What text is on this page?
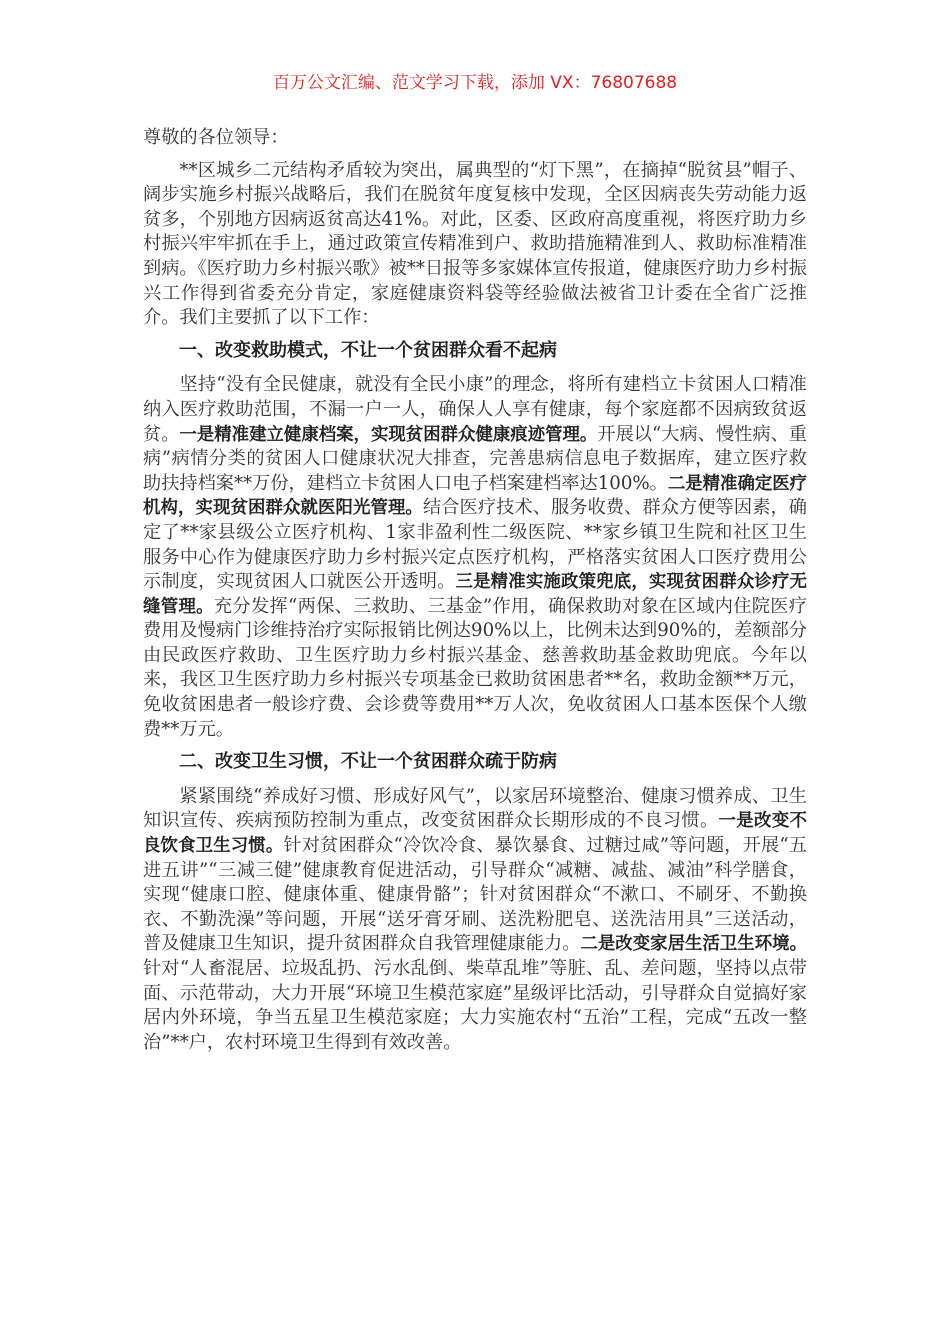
百万公文汇编、范文学习下载，添加 VX：76807688

尊敬的各位领导：

**区城乡二元结构矛盾较为突出，属典型的“灯下黑”，在摘掉“脱贫县”帽子、阔步实施乡村振兴战略后，我们在脱贫年度复核中发现，全区因病丧失劳动能力返贫多，个别地方因病返贫高达41%。对此，区委、区政府高度重视，将医疗助力乡村振兴牢牢抓在手上，通过政策宣传精准到户、救助措施精准到人、救助标准精准到病。《医疗助力乡村振兴歌》被**日报等多家媒体宣传报道，健康医疗助力乡村振兴工作得到省委充分肯定，家庭健康资料袋等经验做法被省卫计委在全省广泛推介。我们主要抓了以下工作：

一、改变救助模式，不让一个贫困群众看不起病

坚持“没有全民健康，就没有全民小康”的理念，将所有建档立卡贫困人口精准纳入医疗救助范围，不漏一户一人，确保人人享有健康，每个家庭都不因病致贫返贫。一是精准建立健康档案，实现贫困群众健康痕迹管理。开展以“大病、慢性病、重病”病情分类的贫困人口健康状况大排查，完善患病信息电子数据库，建立医疗救助扶持档案**万份，建档立卡贫困人口电子档案建档率达100%。二是精准确定医疗机构，实现贫困群众就医阳光管理。结合医疗技术、服务收费、群众方便等因素，确定了**家县级公立医疗机构、1家非盈利性二级医院、**家乡镇卫生院和社区卫生服务中心作为健康医疗助力乡村振兴定点医疗机构，严格落实贫困人口医疗费用公示制度，实现贫困人口就医公开透明。三是精准实施政策兜底，实现贫困群众诊疗无缝管理。充分发挥“两保、三救助、三基金”作用，确保救助对象在区域内住院医疗费用及慢病门诊维持治疗实际报销比例达90%以上，比例未达到90%的，差额部分由民政医疗救助、卫生医疗助力乡村振兴基金、慈善救助基金救助兜底。今年以来，我区卫生医疗助力乡村振兴专项基金已救助贫困患者**名，救助金额**万元，免收贫困患者一般诊疗费、会诊费等费用**万人次，免收贫困人口基本医保个人缴费**万元。

二、改变卫生习惯，不让一个贫困群众疏于防病

紧紧围绕“养成好习惯、形成好风气”，以家居环境整治、健康习惯养成、卫生知识宣传、疾病预防控制为重点，改变贫困群众长期形成的不良习惯。一是改变不良饮食卫生习惯。针对贫困群众“冷饮冷食、暴饮暴食、过糖过咸”等问题，开展“五进五讲”“三减三健”健康教育促进活动，引导群众“减糖、减盐、减油”科学膳食，实现“健康口腔、健康体重、健康骨骼”；针对贫困群众“不漱口、不刷牙、不勤换衣、不勤洗澡”等问题，开展“送牙膏牙刷、送洗粉肥皂、送洗洁用具”三送活动，普及健康卫生知识，提升贫困群众自我管理健康能力。二是改变家居生活卫生环境。针对“人畜混居、垃圾乱扔、污水乱倒、柴草乱堆”等脏、乱、差问题，坚持以点带面、示范带动，大力开展“环境卫生模范家庭”星级评比活动，引导群众自觉搞好家居内外环境，争当五星卫生模范家庭；大力实施农村“五治”工程，完成“五改一整治”**户，农村环境卫生得到有效改善。
